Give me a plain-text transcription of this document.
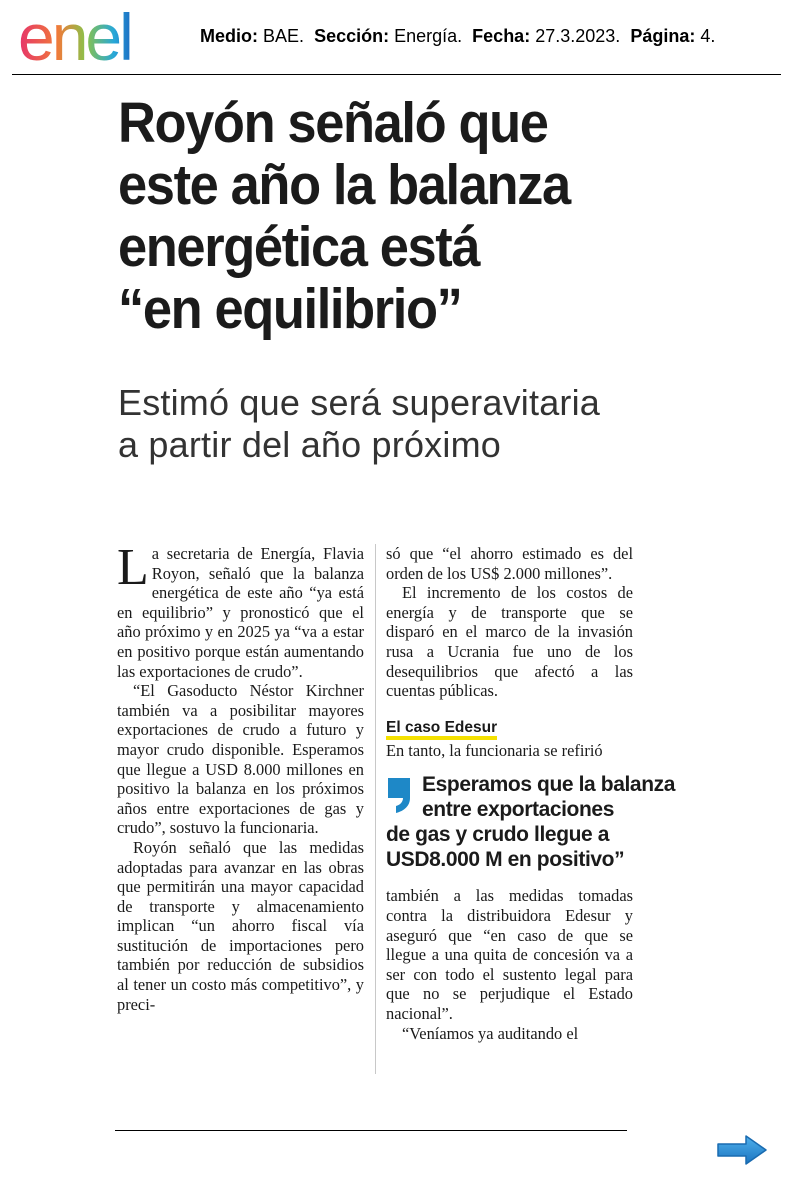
enel	Medio: BAE. Sección: Energía. Fecha: 27.3.2023. Página: 4.
Royón señaló que
este año la balanza
energética está
“en equilibrio”
Estimó que será superavitaria
a partir del año próximo

La secretaria de Energía, Flavia Royon, señaló que la balanza energética de este año “ya está en equilibrio” y pronosticó que el año próximo y en 2025 ya “va a estar en positivo porque están aumentando las exportaciones de crudo”.

“El Gasoducto Néstor Kirchner también va a posibilitar mayores exportaciones de crudo a futuro y mayor crudo disponible. Esperamos que llegue a USD 8.000 millones en positivo la balanza en los próximos años entre exportaciones de gas y crudo”, sostuvo la funcionaria.

Royón señaló que las medidas adoptadas para avanzar en las obras que permitirán una mayor capacidad de transporte y almacenamiento implican “un ahorro fiscal vía sustitución de importaciones pero también por reducción de subsidios al tener un costo más competitivo”, y preci-

só que “el ahorro estimado es del orden de los US$ 2.000 millones”.

El incremento de los costos de energía y de transporte que se disparó en el marco de la invasión rusa a Ucrania fue uno de los desequilibrios que afectó a las cuentas públicas.

El caso Edesur

En tanto, la funcionaria se refirió

Esperamos que la balanza
entre exportaciones
de gas y crudo llegue a
USD8.000 M en positivo”

también a las medidas tomadas contra la distribuidora Edesur y aseguró que “en caso de que se llegue a una quita de concesión va a ser con todo el sustento legal para que no se perjudique el Estado nacional”.

“Veníamos ya auditando el
